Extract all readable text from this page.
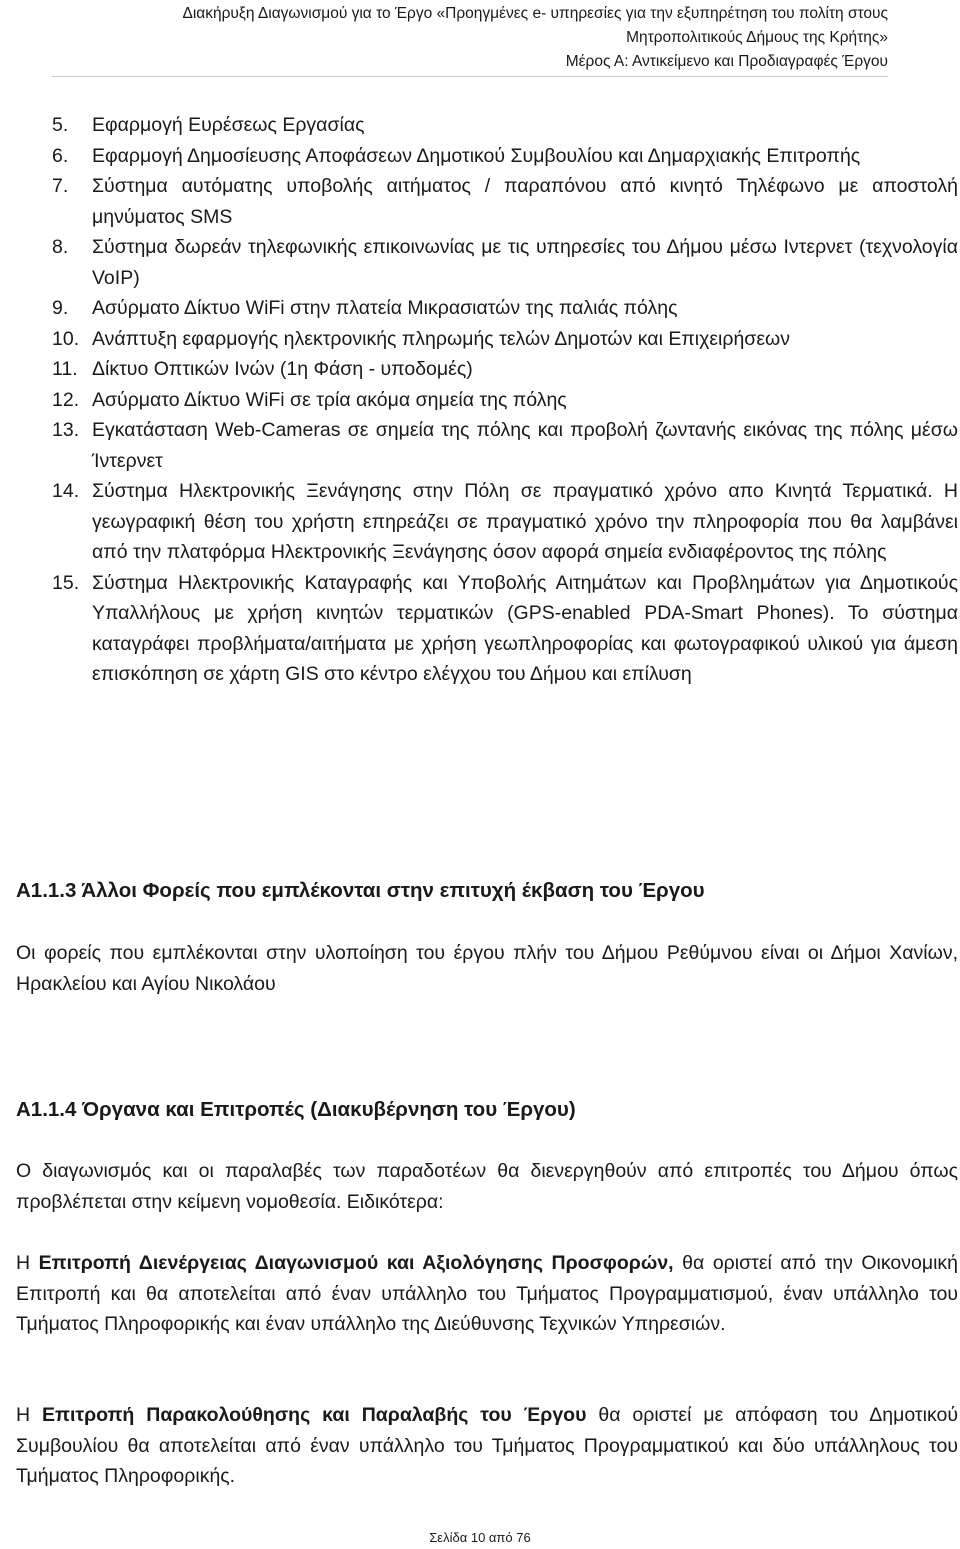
Διακήρυξη Διαγωνισμού για το Έργο «Προηγμένες e- υπηρεσίες για την εξυπηρέτηση του πολίτη στους
Μητροπολιτικούς Δήμους της Κρήτης»
Μέρος Α: Αντικείμενο και Προδιαγραφές Έργου
5. Εφαρμογή Ευρέσεως Εργασίας
6. Εφαρμογή Δημοσίευσης Αποφάσεων Δημοτικού Συμβουλίου και Δημαρχιακής Επιτροπής
7. Σύστημα αυτόματης υποβολής αιτήματος / παραπόνου από κινητό Τηλέφωνο με αποστολή μηνύματος SMS
8. Σύστημα δωρεάν τηλεφωνικής επικοινωνίας με τις υπηρεσίες του Δήμου μέσω Ιντερνετ (τεχνολογία VoIP)
9. Ασύρματο Δίκτυο WiFi στην πλατεία Μικρασιατών της παλιάς πόλης
10. Ανάπτυξη εφαρμογής ηλεκτρονικής πληρωμής τελών Δημοτών και Επιχειρήσεων
11. Δίκτυο Οπτικών Ινών (1η Φάση - υποδομές)
12. Ασύρματο Δίκτυο WiFi σε τρία ακόμα σημεία της πόλης
13. Εγκατάσταση Web-Cameras σε σημεία της πόλης και προβολή ζωντανής εικόνας της πόλης μέσω Ίντερνετ
14. Σύστημα Ηλεκτρονικής Ξενάγησης στην Πόλη σε πραγματικό χρόνο απο Κινητά Τερματικά. Η γεωγραφική θέση του χρήστη επηρεάζει σε πραγματικό χρόνο την πληροφορία που θα λαμβάνει από την πλατφόρμα Ηλεκτρονικής Ξενάγησης όσον αφορά σημεία ενδιαφέροντος της πόλης
15. Σύστημα Ηλεκτρονικής Καταγραφής και Υποβολής Αιτημάτων και Προβλημάτων για Δημοτικούς Υπαλλήλους με χρήση κινητών τερματικών (GPS-enabled PDA-Smart Phones). Το σύστημα καταγράφει προβλήματα/αιτήματα με χρήση γεωπληροφορίας και φωτογραφικού υλικού για άμεση επισκόπηση σε χάρτη GIS στο κέντρο ελέγχου του Δήμου και επίλυση
Α1.1.3 Άλλοι Φορείς που εμπλέκονται στην επιτυχή έκβαση του Έργου

Οι φορείς που εμπλέκονται στην υλοποίηση του έργου πλήν του Δήμου Ρεθύμνου είναι οι Δήμοι Χανίων, Ηρακλείου και Αγίου Νικολάου

Α1.1.4 Όργανα και Επιτροπές (Διακυβέρνηση του Έργου)

Ο διαγωνισμός και οι παραλαβές των παραδοτέων θα διενεργηθούν από επιτροπές του Δήμου όπως προβλέπεται στην κείμενη νομοθεσία. Ειδικότερα:

Η Επιτροπή Διενέργειας Διαγωνισμού και Αξιολόγησης Προσφορών, θα οριστεί από την Οικονομική Επιτροπή και θα αποτελείται από έναν υπάλληλο του Τμήματος Προγραμματισμού, έναν υπάλληλο του Τμήματος Πληροφορικής και έναν υπάλληλο της Διεύθυνσης Τεχνικών Υπηρεσιών.

Η Επιτροπή Παρακολούθησης και Παραλαβής του Έργου θα οριστεί με απόφαση του Δημοτικού Συμβουλίου θα αποτελείται από έναν υπάλληλο του Τμήματος Προγραμματικού και δύο υπάλληλους του Τμήματος Πληροφορικής.

Σελίδα 10 από 76
